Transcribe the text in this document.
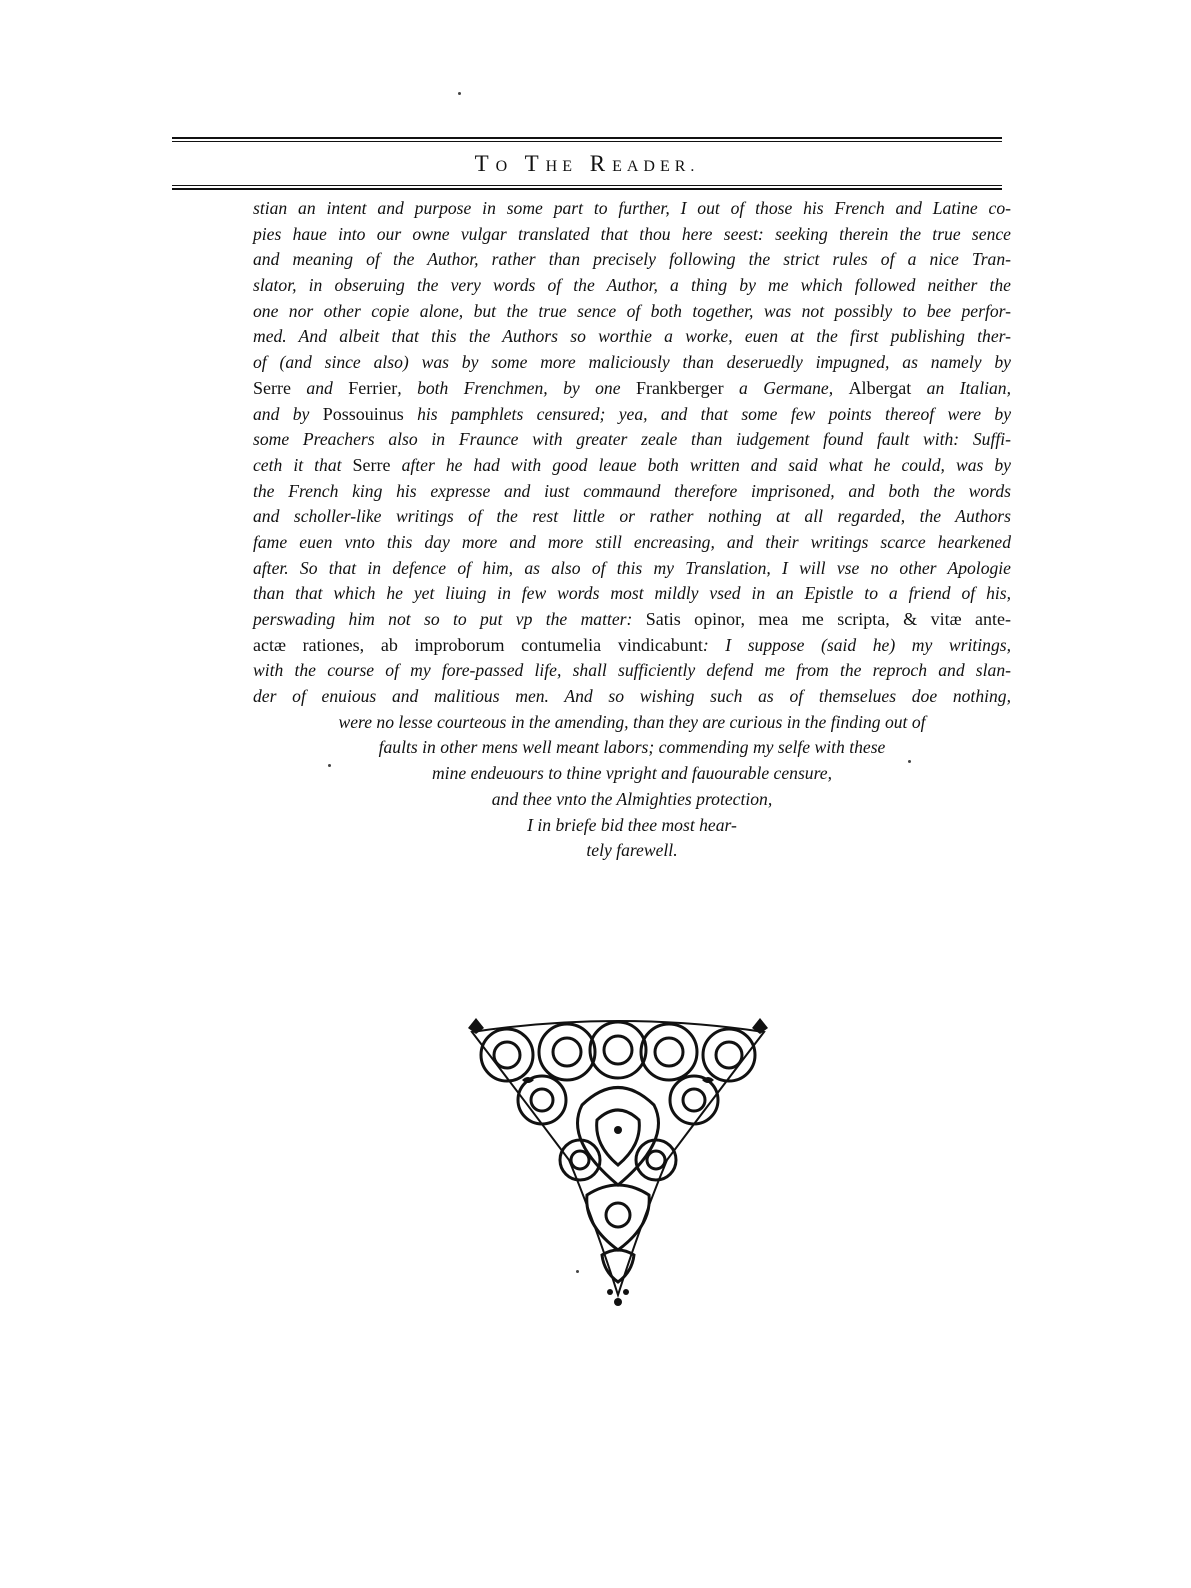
TO THE READER.
stian an intent and purpose in some part to further, I out of those his French and Latine co-
pies haue into our owne vulgar translated that thou here seest: seeking therein the true sence
and meaning of the Author, rather than precisely following the strict rules of a nice Tran-
slator, in obseruing the very words of the Author, a thing by me which followed neither the
one nor other copie alone, but the true sence of both together, was not possibly to bee perfor-
med. And albeit that this the Authors so worthie a worke, euen at the first publishing ther-
of (and since also) was by some more maliciously than deseruedly impugned, as namely by
Serre and Ferrier, both Frenchmen, by one Frankberger a Germane, Albergat an Italian,
and by Possouinus his pamphlets censured; yea, and that some few points thereof were by
some Preachers also in Fraunce with greater zeale than iudgement found fault with: Suffi-
ceth it that Serre after he had with good leaue both written and said what he could, was by
the French king his expresse and iust commaund therefore imprisoned, and both the words
and scholler-like writings of the rest little or rather nothing at all regarded, the Authors
fame euen vnto this day more and more still encreasing, and their writings scarce hearkened
after. So that in defence of him, as also of this my Translation, I will vse no other Apologie
than that which he yet liuing in few words most mildly vsed in an Epistle to a friend of his,
perswading him not so to put vp the matter: Satis opinor, mea me scripta, & vitæ ante-
actæ rationes, ab improborum contumelia vindicabunt: I suppose (said he) my writings,
with the course of my fore-passed life, shall sufficiently defend me from the reproch and slan-
der of enuious and malitious men. And so wishing such as of themselues doe nothing,
were no lesse courteous in the amending, than they are curious in the finding out of
faults in other mens well meant labors; commending my selfe with these
mine endeuours to thine vpright and fauourable censure,
and thee vnto the Almighties protection,
I in briefe bid thee most hear-
tely farewell.
